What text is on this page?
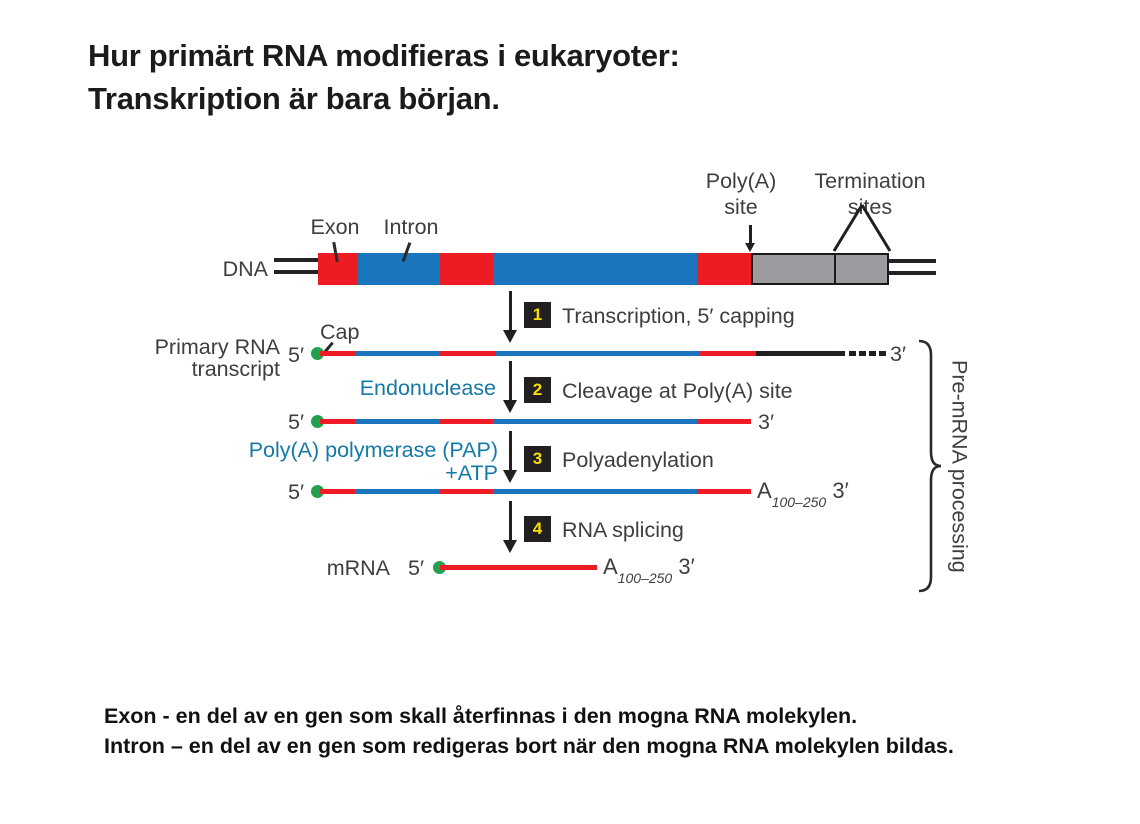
Hur primärt RNA modifieras i eukaryoter:
Transkription är bara början.
DNA
Exon	Intron
Poly(A)
site
Termination
sites
1 Transcription, 5′ capping
Primary RNA
transcript
Cap
5′	3′
Endonuclease	2 Cleavage at Poly(A) site
5′	3′
Poly(A) polymerase (PAP)
+ATP
3 Polyadenylation
5′	$A_{100-250}$ 3′
4 RNA splicing
mRNA 5′	$A_{100-250}$ 3′	Pre-mRNA processing
Exon - en del av en gen som skall återfinnas i den mogna RNA molekylen.
Intron – en del av en gen som redigeras bort när den mogna RNA molekylen bildas.
